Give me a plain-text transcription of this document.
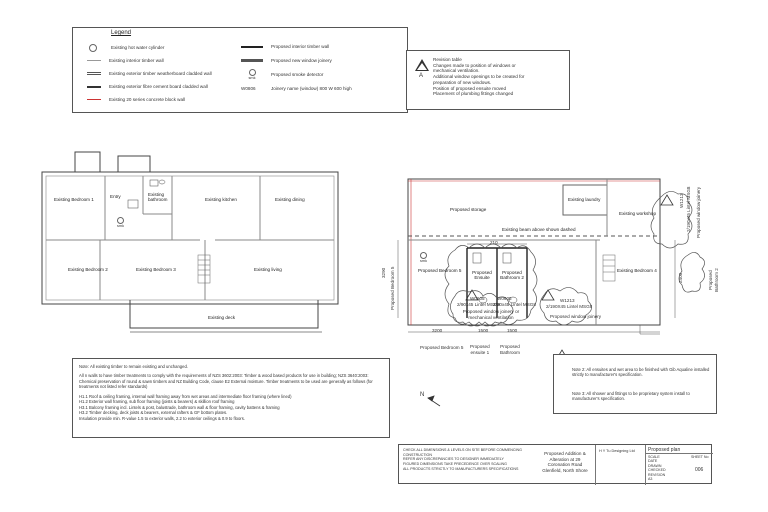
Legend
Existing hot water cylinder
Existing interior timber wall
Existing exterior timber weatherboard cladded wall
Existing exterior fibre cement board cladded wall
Existing 20 series concrete block wall
Proposed interior timber wall
Proposed new window joinery
smk
Proposed smoke detector
W0806	Joinery name (window) 800 W 600 high
A
Revision table
Changes made to position of windows or
mechanical ventilation.
Additional window openings to be created for
preparation of new windows.
Position of proposed ensuite moved
Placement of plumbing fittings changed
Existing Bedroom 1
Entry	Existing bathroom	Existing kitchen	Existing dining
Existing Bedroom 2	Existing Bedroom 3	Existing living
Existing deck
smk
Proposed storage
Existing laundry
Existing workshop
Existing beam above shown dashed
Proposed Bedroom 5	Proposed Ensuite
Proposed Bathroom 2
Existing Bedroom 4
smk
W0605	W0605
2/90x45 Lintel MSG8
2/90x45 Lintel MSG8
Proposed window joinery or mechanical ventilation
W1213
2/190X45 Lintel MSG8
Proposed window joinery
W1213 2/190x45 Lintel MSG8 Proposed window joinery
3290
210
1500	1500
3200
2400
Proposed Bedroom 5	Proposed Bathroom 2
Proposed Bedroom 5 Proposed
ensuite 1
Proposed
Bathroom
Note: All existing timber to remain existing and unchanged.
All n walls to have timber treatments to comply with the requirements of NZS 3602:2003: Timber & wood based products for use in building; NZS 3640:2003: Chemical preservation of round & sawn timbers and NZ Building Code, clause E2 External moisture. Timber treatments to be used are generally as follows (for treatments not listed refer standards)
H1.1 Roof & ceiling framing, internal wall framing away from wet areas and intermediate floor framing (where lined)
H1.2 Exterior wall framing, sub floor framing (joists & bearers) & skillion roof framing
H3.1 Balcony framing incl. Lintels & post, balustrade, bathroom wall & floor framing, cavity battens & framing
H3.2 Timber decking, deck joists & bearers, external rafters & GF bottom plates.
Insulation provide min. R-value 1.5 to exterior walls, 2.2 to exterior ceilings & 0.9 to floors.
Note 2: All ensuites and wet area to be finished with Gib Aqualine installed strictly to manufacturer's specification.
Note 3: All shower and fittings to be proprietary system install to manufacturer's specification.
N
CHECK ALL DIMENSIONS & LEVELS ON SITE BEFORE COMMENCING CONSTRUCTION
REFER ANY DISCREPANCIES TO DESIGNER IMMEDIATELY
FIGURED DIMENSIONS TAKE PRECEDENCE OVER SCALING
ALL PRODUCTS STRICTLY TO MANUFACTURERS SPECIFICATIONS
Proposed Addition &
Alteration at 29
Coronation Road
Glenfield, North Shore
H Y Tu Designing Ltd	Proposed plan
SCALE
DATE
DRAWN
CHECKED
REVISION
A3
SHEET No
006
